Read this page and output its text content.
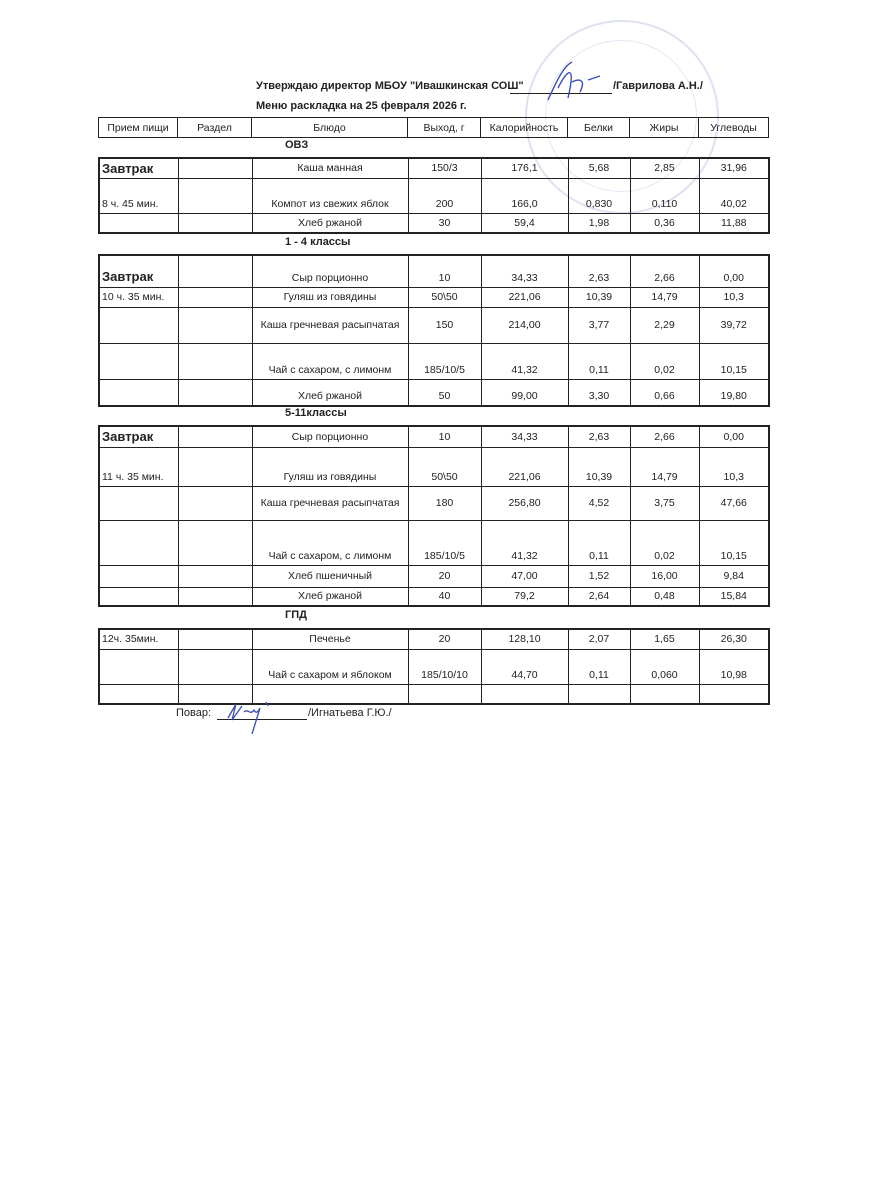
Утверждаю директор МБОУ "Ивашкинская СОШ"	/Гаврилова А.Н./
Меню раскладка на 25 февраля 2026 г.
Прием пищи	Раздел	Блюдо	Выход, г	Калорийность	Белки	Жиры	Углеводы
ОВЗ
Завтрак		Каша манная	150/3	176,1	5,68	2,85	31,96
8 ч. 45 мин.		Компот из свежих яблок	200	166,0	0,830	0,110	40,02
		Хлеб ржаной	30	59,4	1,98	0,36	11,88
1 - 4 классы
Завтрак		Сыр порционно	10	34,33	2,63	2,66	0,00
10 ч. 35 мин.		Гуляш из говядины	50\50	221,06	10,39	14,79	10,3
		Каша гречневая расыпчатая	150	214,00	3,77	2,29	39,72
		Чай с сахаром, с лимонм	185/10/5	41,32	0,11	0,02	10,15
		Хлеб ржаной	50	99,00	3,30	0,66	19,80
5-11классы
Завтрак		Сыр порционно	10	34,33	2,63	2,66	0,00
11 ч. 35 мин.		Гуляш из говядины	50\50	221,06	10,39	14,79	10,3
		Каша гречневая расыпчатая	180	256,80	4,52	3,75	47,66
		Чай с сахаром, с лимонм	185/10/5	41,32	0,11	0,02	10,15
		Хлеб пшеничный	20	47,00	1,52	16,00	9,84
		Хлеб ржаной	40	79,2	2,64	0,48	15,84
ГПД
12ч. 35мин.		Печенье	20	128,10	2,07	1,65	26,30
		Чай с сахаром и яблоком	185/10/10	44,70	0,11	0,060	10,98

Повар:	/Игнатьева Г.Ю./
